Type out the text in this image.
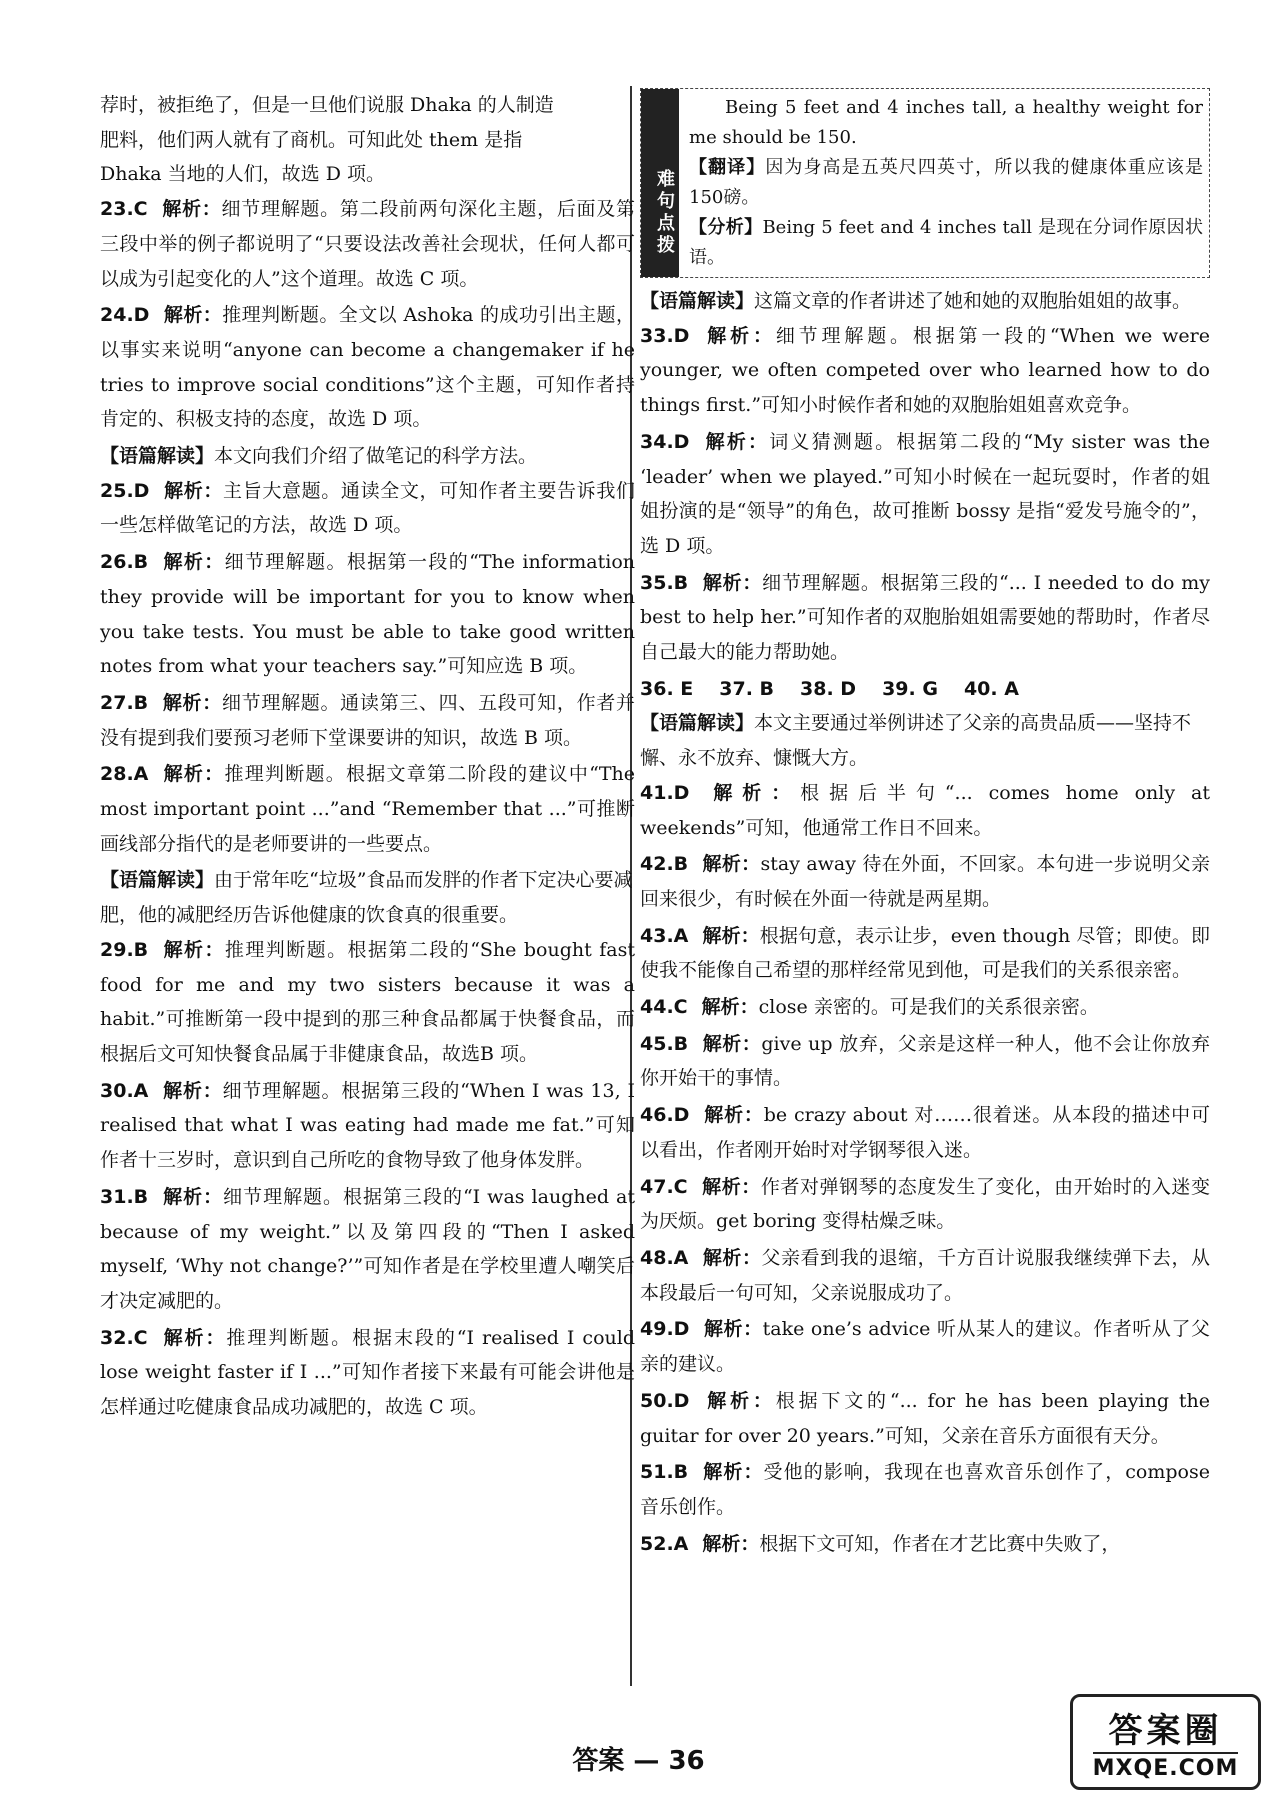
荐时，被拒绝了，但是一旦他们说服 Dhaka 的人制造

肥料，他们两人就有了商机。可知此处 them 是指

Dhaka 当地的人们，故选 D 项。

23.C 解析：细节理解题。第二段前两句深化主题，后面及第三段中举的例子都说明了“只要设法改善社会现状，任何人都可以成为引起变化的人”这个道理。故选 C 项。

24.D 解析：推理判断题。全文以 Ashoka 的成功引出主题，以事实来说明“anyone can become a changemaker if he tries to improve social conditions”这个主题，可知作者持肯定的、积极支持的态度，故选 D 项。

【语篇解读】本文向我们介绍了做笔记的科学方法。

25.D 解析：主旨大意题。通读全文，可知作者主要告诉我们一些怎样做笔记的方法，故选 D 项。

26.B 解析：细节理解题。根据第一段的“The information they provide will be important for you to know when you take tests. You must be able to take good written notes from what your teachers say.”可知应选 B 项。

27.B 解析：细节理解题。通读第三、四、五段可知，作者并没有提到我们要预习老师下堂课要讲的知识，故选 B 项。

28.A 解析：推理判断题。根据文章第二阶段的建议中“The most important point ...”and “Remember that ...”可推断画线部分指代的是老师要讲的一些要点。

【语篇解读】由于常年吃“垃圾”食品而发胖的作者下定决心要减肥，他的减肥经历告诉他健康的饮食真的很重要。

29.B 解析：推理判断题。根据第二段的“She bought fast food for me and my two sisters because it was a habit.”可推断第一段中提到的那三种食品都属于快餐食品，而根据后文可知快餐食品属于非健康食品，故选B 项。

30.A 解析：细节理解题。根据第三段的“When I was 13, I realised that what I was eating had made me fat.”可知作者十三岁时，意识到自己所吃的食物导致了他身体发胖。

31.B 解析：细节理解题。根据第三段的“I was laughed at because of my weight.”以及第四段的“Then I asked myself, ‘Why not change?’”可知作者是在学校里遭人嘲笑后才决定减肥的。

32.C 解析：推理判断题。根据末段的“I realised I could lose weight faster if I ...”可知作者接下来最有可能会讲他是怎样通过吃健康食品成功减肥的，故选 C 项。

难句点拨

Being 5 feet and 4 inches tall, a healthy weight for me should be 150.

【翻译】因为身高是五英尺四英寸，所以我的健康体重应该是150磅。

【分析】Being 5 feet and 4 inches tall 是现在分词作原因状语。

【语篇解读】这篇文章的作者讲述了她和她的双胞胎姐姐的故事。

33.D 解析：细节理解题。根据第一段的“When we were younger, we often competed over who learned how to do things first.”可知小时候作者和她的双胞胎姐姐喜欢竞争。

34.D 解析：词义猜测题。根据第二段的“My sister was the ‘leader’ when we played.”可知小时候在一起玩耍时，作者的姐姐扮演的是“领导”的角色，故可推断 bossy 是指“爱发号施令的”，选 D 项。

35.B 解析：细节理解题。根据第三段的“... I needed to do my best to help her.”可知作者的双胞胎姐姐需要她的帮助时，作者尽自己最大的能力帮助她。

36. E 37. B 38. D 39. G 40. A

【语篇解读】本文主要通过举例讲述了父亲的高贵品质——坚持不懈、永不放弃、慷慨大方。

41.D 解析：根据后半句“... comes home only at weekends”可知，他通常工作日不回来。

42.B 解析：stay away 待在外面，不回家。本句进一步说明父亲回来很少，有时候在外面一待就是两星期。

43.A 解析：根据句意，表示让步，even though 尽管；即使。即使我不能像自己希望的那样经常见到他，可是我们的关系很亲密。

44.C 解析：close 亲密的。可是我们的关系很亲密。

45.B 解析：give up 放弃，父亲是这样一种人，他不会让你放弃你开始干的事情。

46.D 解析：be crazy about 对……很着迷。从本段的描述中可以看出，作者刚开始时对学钢琴很入迷。

47.C 解析：作者对弹钢琴的态度发生了变化，由开始时的入迷变为厌烦。get boring 变得枯燥乏味。

48.A 解析：父亲看到我的退缩，千方百计说服我继续弹下去，从本段最后一句可知，父亲说服成功了。

49.D 解析：take one’s advice 听从某人的建议。作者听从了父亲的建议。

50.D 解析：根据下文的“... for he has been playing the guitar for over 20 years.”可知，父亲在音乐方面很有天分。

51.B 解析：受他的影响，我现在也喜欢音乐创作了，compose 音乐创作。

52.A 解析：根据下文可知，作者在才艺比赛中失败了，

答案 — 36
答案圈
MXQE.COM
